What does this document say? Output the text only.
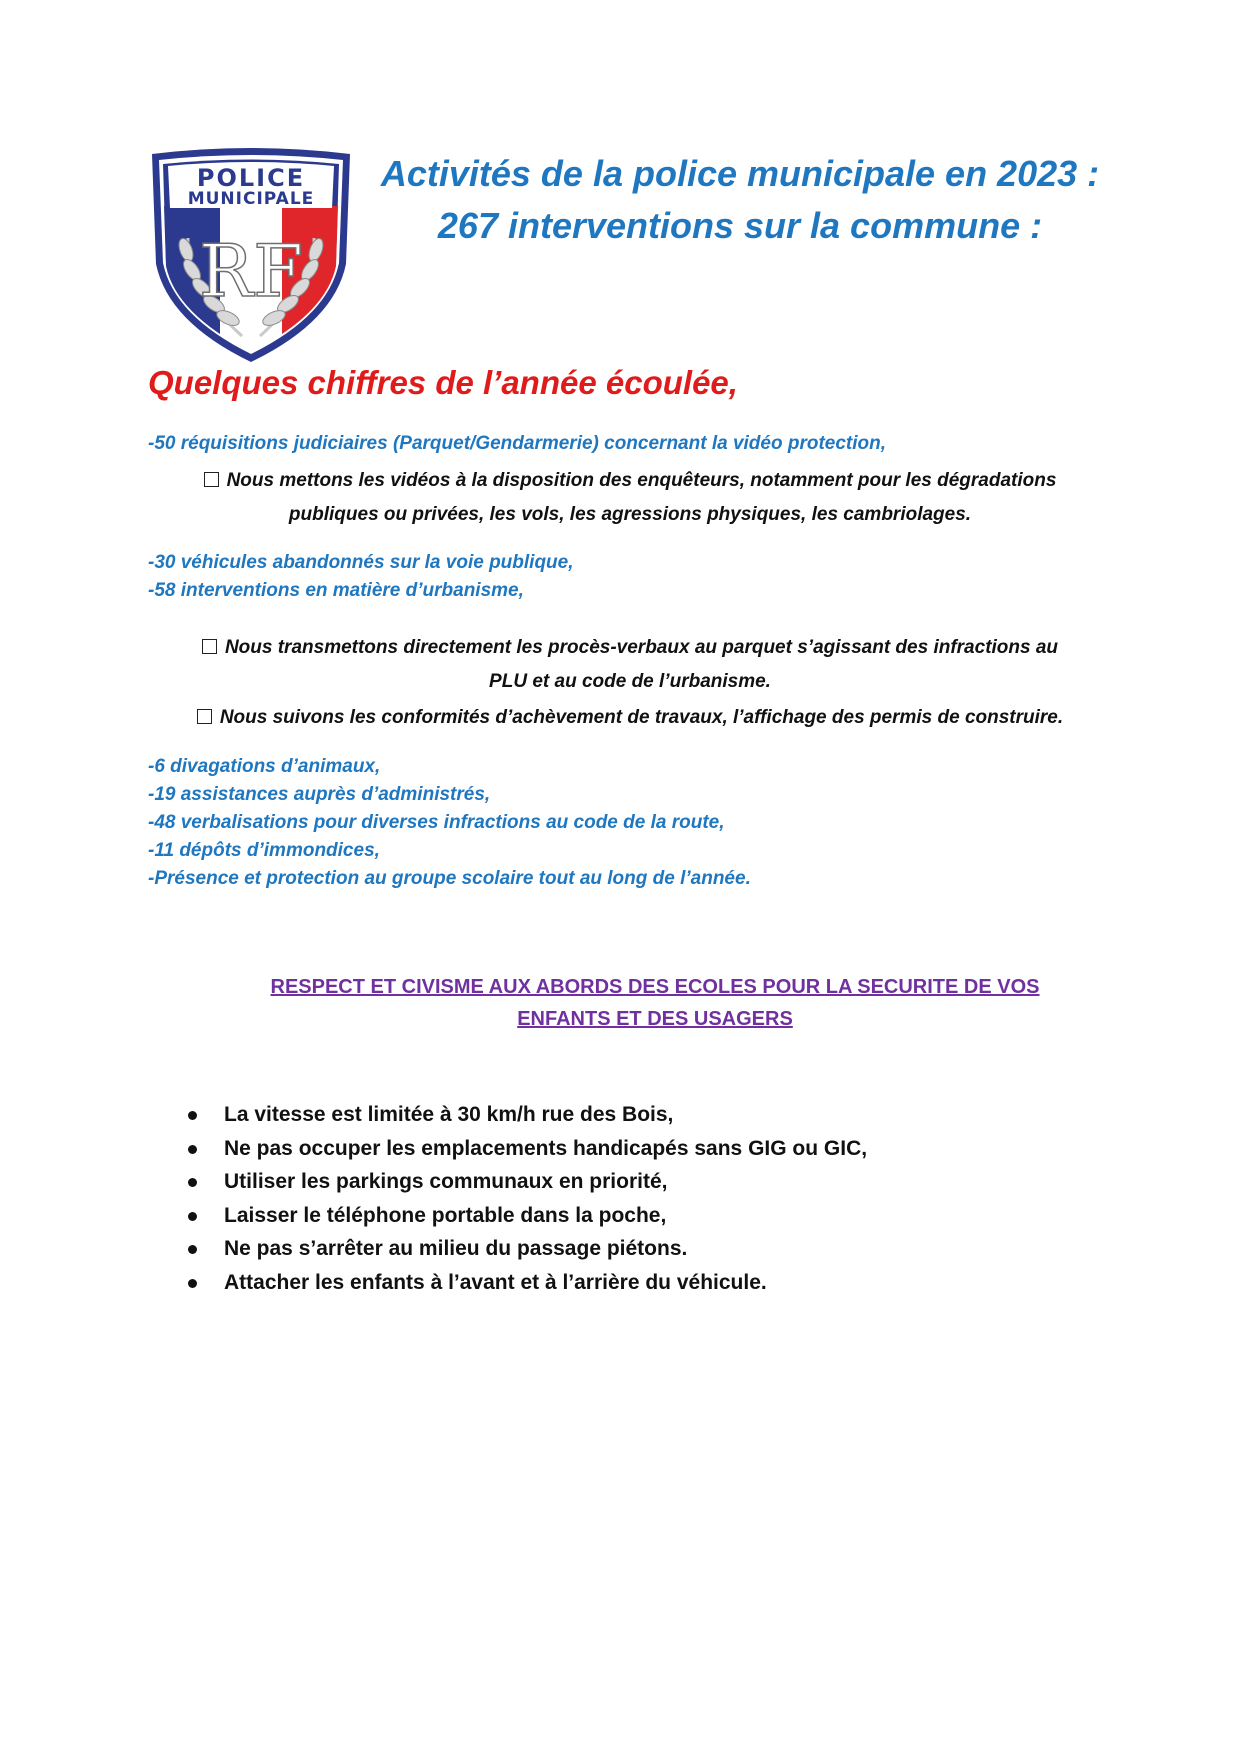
POLICE
MUNICIPALE
RF
Activités de la police municipale en 2023 :
267 interventions sur la commune :
Quelques chiffres de l’année écoulée,
-50 réquisitions judiciaires (Parquet/Gendarmerie) concernant la vidéo protection,
Nous mettons les vidéos à la disposition des enquêteurs, notamment pour les dégradations
publiques ou privées, les vols, les agressions physiques, les cambriolages.
-30 véhicules abandonnés sur la voie publique,
-58 interventions en matière d’urbanisme,
Nous transmettons directement les procès-verbaux au parquet s’agissant des infractions au
PLU et au code de l’urbanisme.
Nous suivons les conformités d’achèvement de travaux, l’affichage des permis de construire.
-6 divagations d’animaux,
-19 assistances auprès d’administrés,
-48 verbalisations pour diverses infractions au code de la route,
-11 dépôts d’immondices,
-Présence et protection au groupe scolaire tout au long de l’année.
RESPECT ET CIVISME AUX ABORDS DES ECOLES POUR LA SECURITE DE VOS
ENFANTS ET DES USAGERS
La vitesse est limitée à 30 km/h rue des Bois,
Ne pas occuper les emplacements handicapés sans GIG ou GIC,
Utiliser les parkings communaux en priorité,
Laisser le téléphone portable dans la poche,
Ne pas s’arrêter au milieu du passage piétons.
Attacher les enfants à l’avant et à l’arrière du véhicule.
